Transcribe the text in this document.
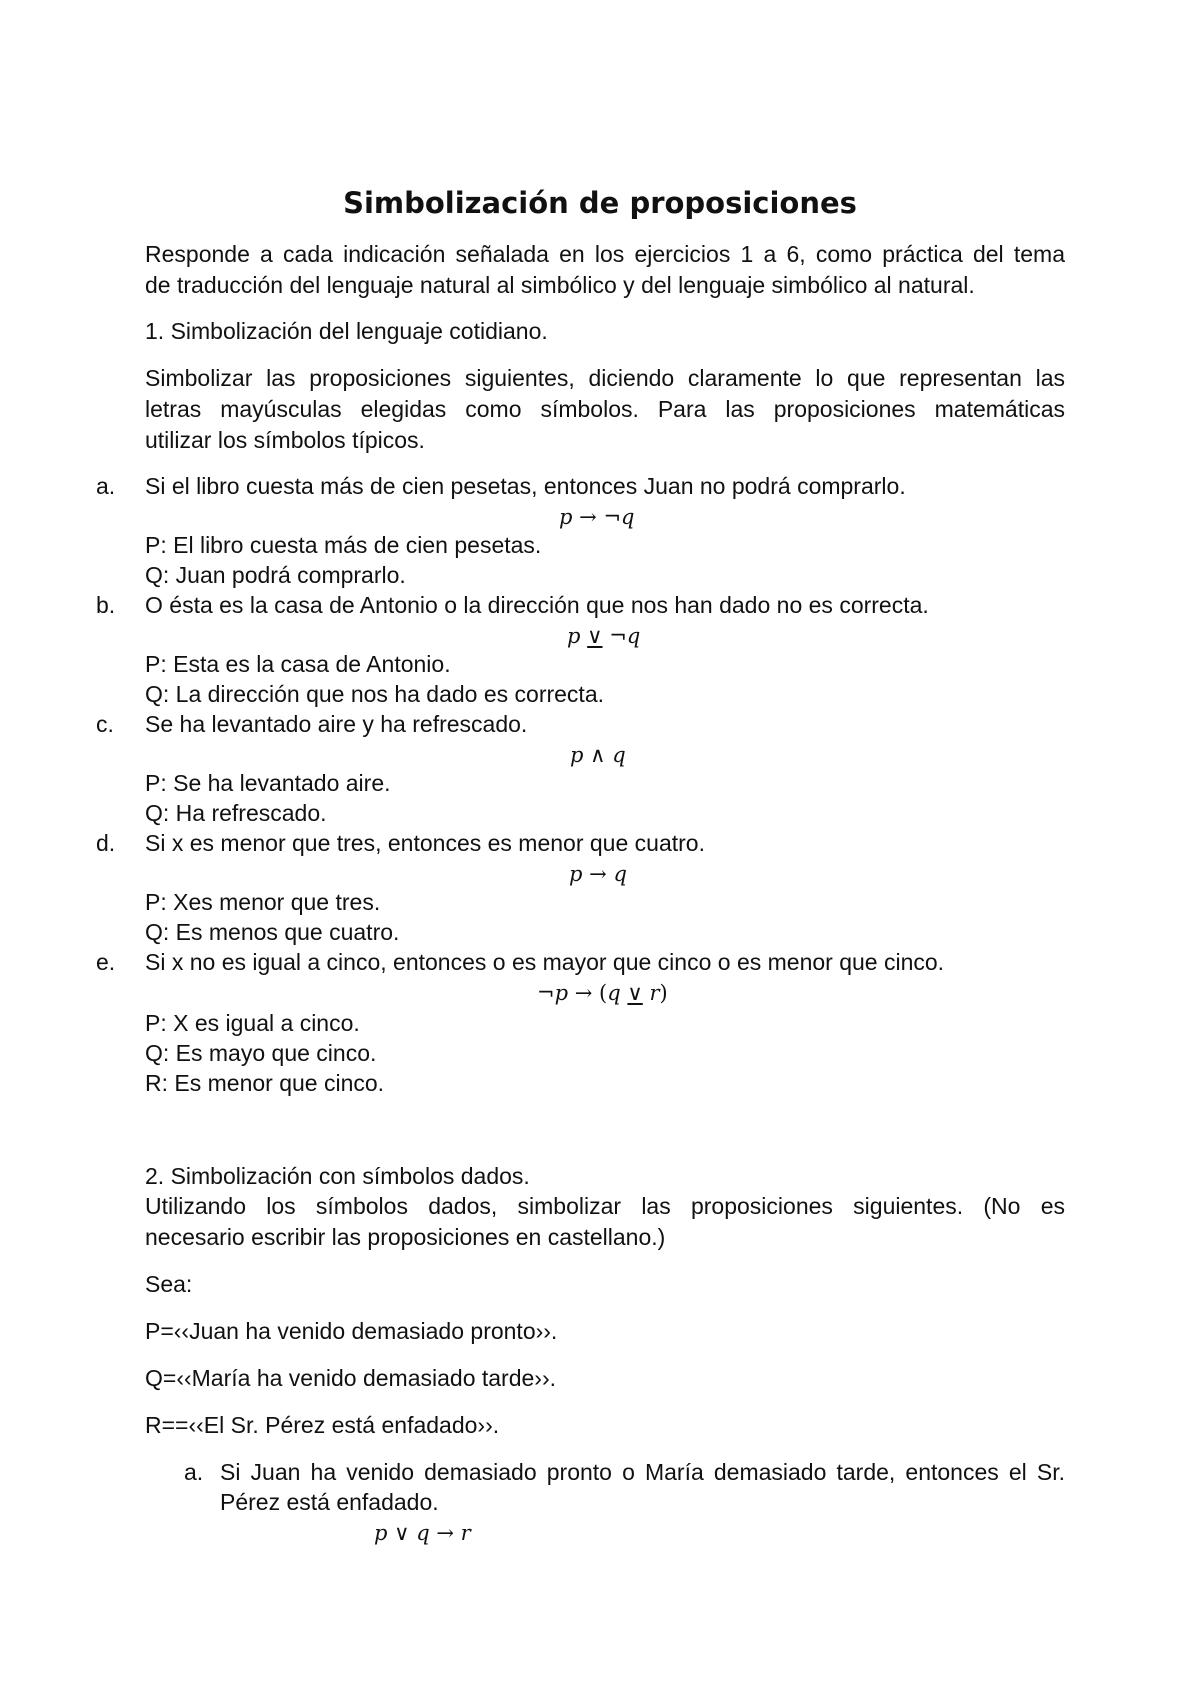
Simbolización de proposiciones
Responde a cada indicación señalada en los ejercicios 1 a 6, como práctica del tema
de traducción del lenguaje natural al simbólico y del lenguaje simbólico al natural.
1. Simbolización del lenguaje cotidiano.
Simbolizar las proposiciones siguientes, diciendo claramente lo que representan las
letras mayúsculas elegidas como símbolos. Para las proposiciones matemáticas
utilizar los símbolos típicos.
a. Si el libro cuesta más de cien pesetas, entonces Juan no podrá comprarlo.
p → ¬q
P: El libro cuesta más de cien pesetas.
Q: Juan podrá comprarlo.
b. O ésta es la casa de Antonio o la dirección que nos han dado no es correcta.
p ∨ ¬q
P: Esta es la casa de Antonio.
Q: La dirección que nos ha dado es correcta.
c. Se ha levantado aire y ha refrescado.
p ∧ q
P: Se ha levantado aire.
Q: Ha refrescado.
d. Si x es menor que tres, entonces es menor que cuatro.
p → q
P: Xes menor que tres.
Q: Es menos que cuatro.
e. Si x no es igual a cinco, entonces o es mayor que cinco o es menor que cinco.
¬p → (q ∨ r)
P: X es igual a cinco.
Q: Es mayo que cinco.
R: Es menor que cinco.
2. Simbolización con símbolos dados.
Utilizando los símbolos dados, simbolizar las proposiciones siguientes. (No es
necesario escribir las proposiciones en castellano.)
Sea:
P=‹‹Juan ha venido demasiado pronto››.
Q=‹‹María ha venido demasiado tarde››.
R==‹‹El Sr. Pérez está enfadado››.
a. Si Juan ha venido demasiado pronto o María demasiado tarde, entonces el Sr.
Pérez está enfadado.
p ∨ q → r
